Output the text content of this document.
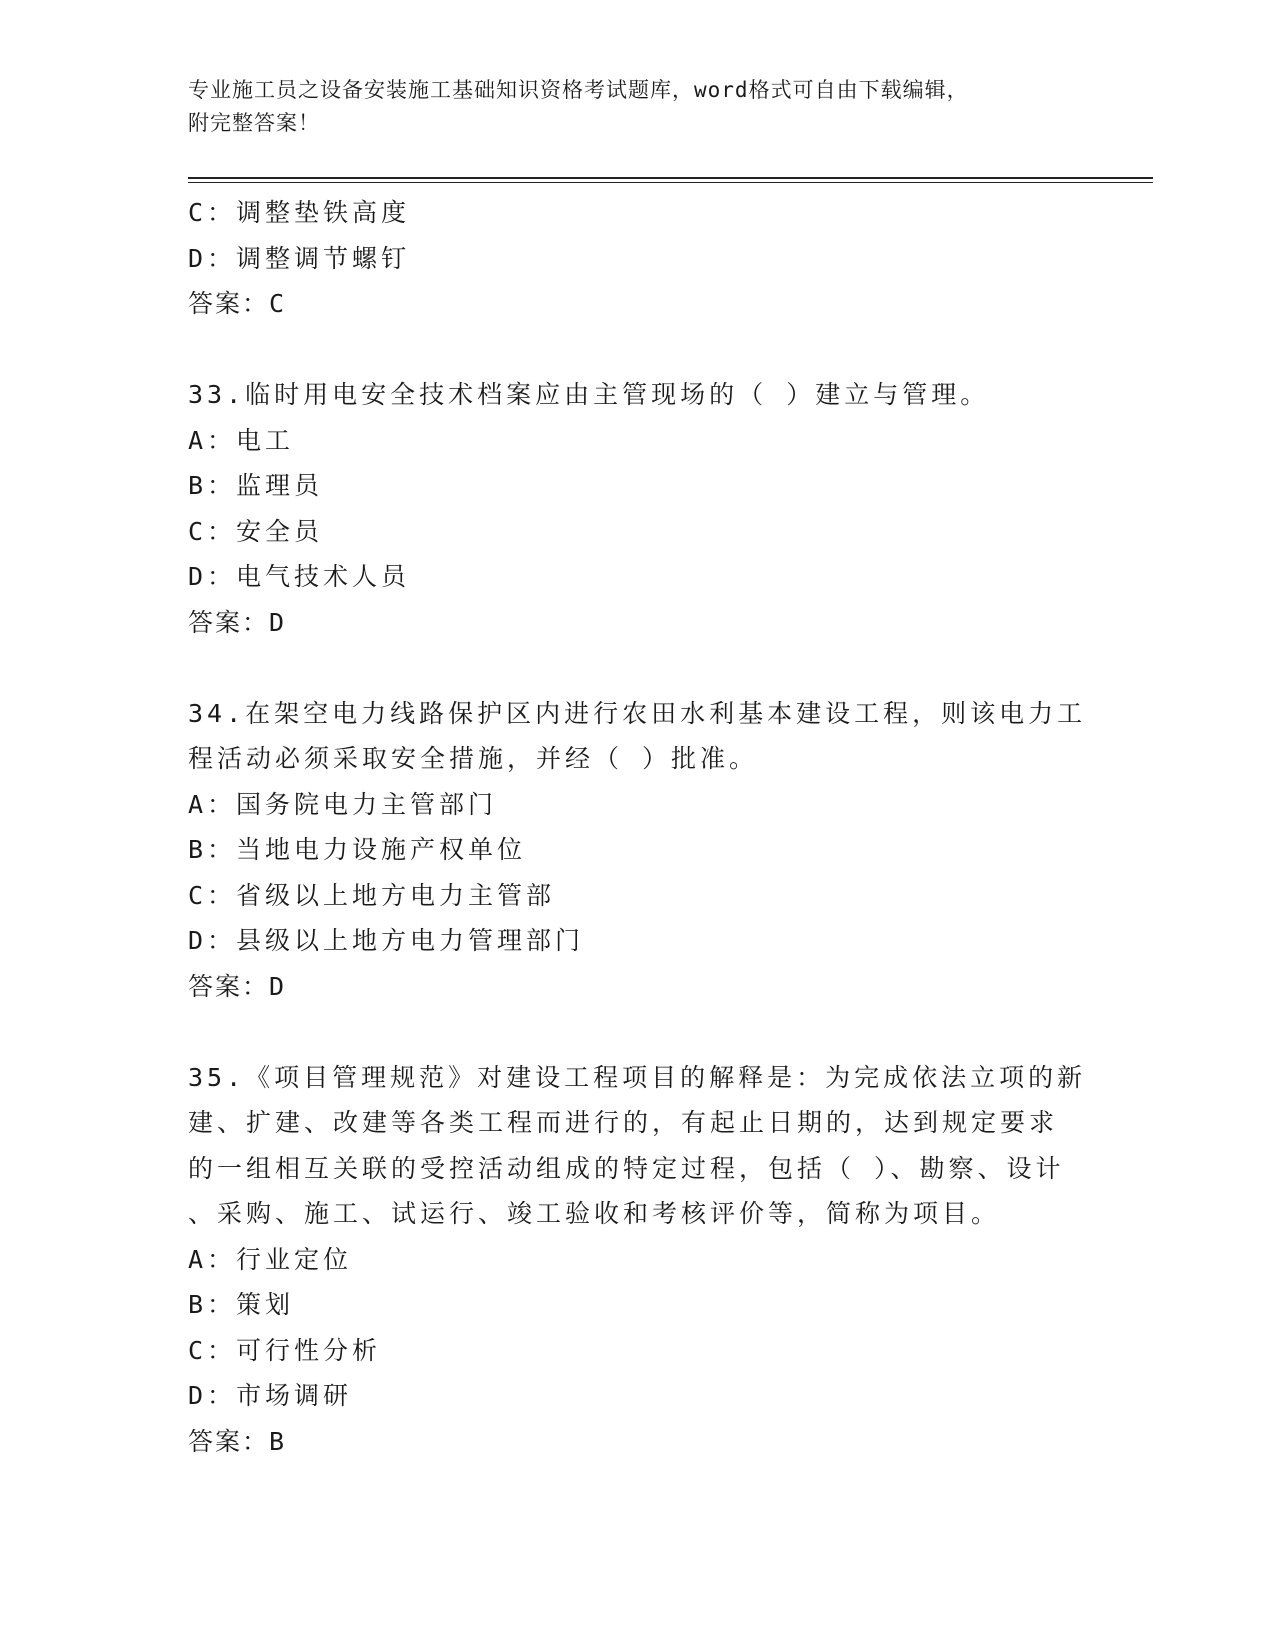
专业施工员之设备安装施工基础知识资格考试题库，word格式可自由下载编辑，
附完整答案！
C：调整垫铁高度
D：调整调节螺钉
答案：C
33.临时用电安全技术档案应由主管现场的（ ）建立与管理。
A：电工
B：监理员
C：安全员
D：电气技术人员
答案：D
34.在架空电力线路保护区内进行农田水利基本建设工程，则该电力工
程活动必须采取安全措施，并经（ ）批准。
A：国务院电力主管部门
B：当地电力设施产权单位
C：省级以上地方电力主管部
D：县级以上地方电力管理部门
答案：D
35.《项目管理规范》对建设工程项目的解释是：为完成依法立项的新
建、扩建、改建等各类工程而进行的，有起止日期的，达到规定要求
的一组相互关联的受控活动组成的特定过程，包括（ ）、勘察、设计
、采购、施工、试运行、竣工验收和考核评价等，简称为项目。
A：行业定位
B：策划
C：可行性分析
D：市场调研
答案：B
